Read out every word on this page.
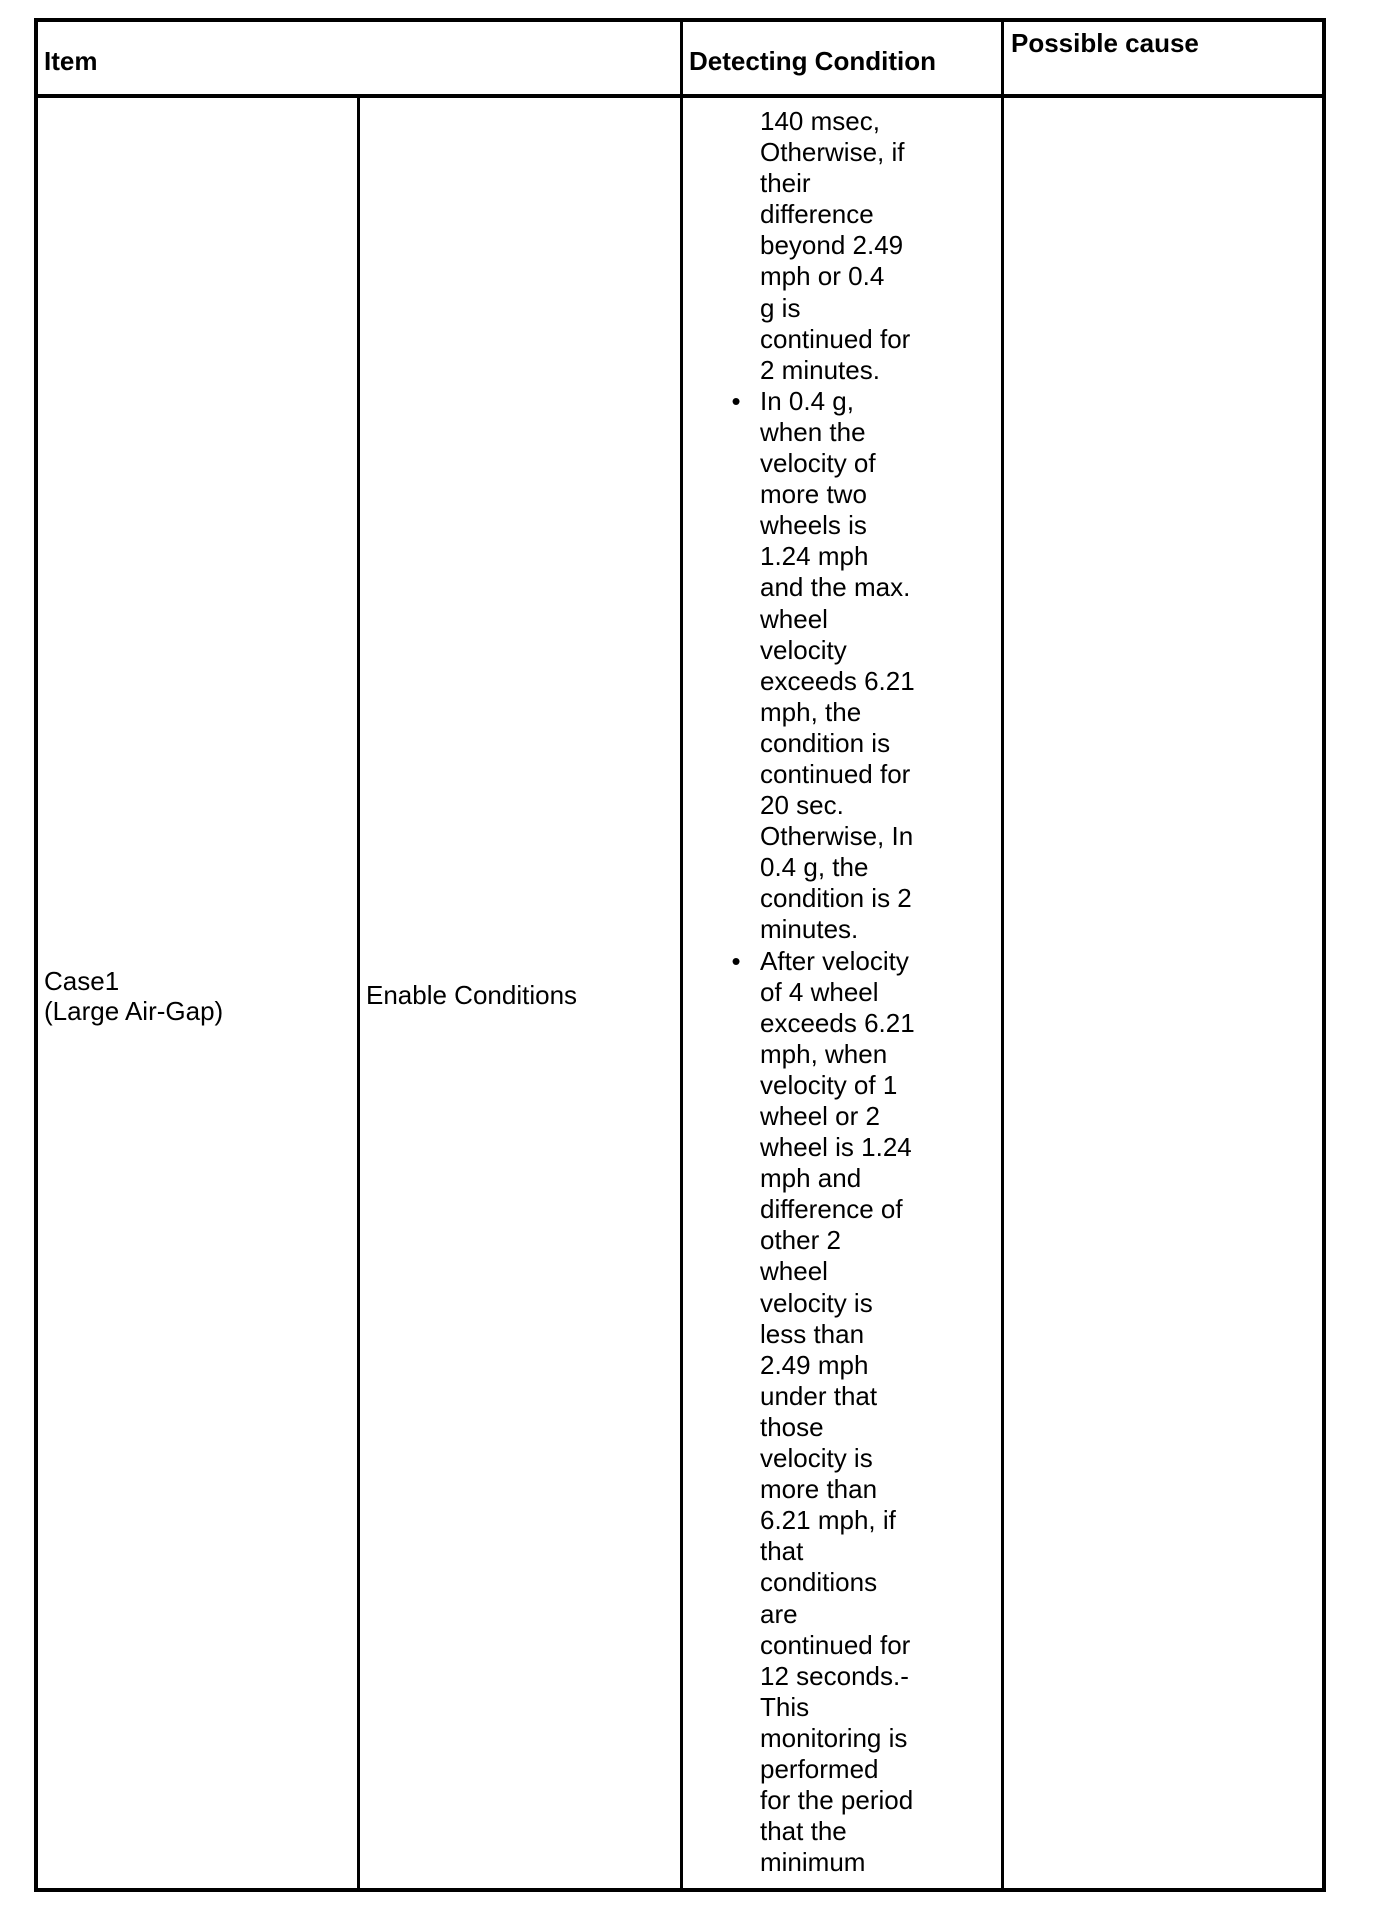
Item	Detecting Condition
Possible cause
Case1
(Large Air-Gap)
Enable Conditions
140 msec,
Otherwise, if
their
difference
beyond 2.49
mph or 0.4
g is
continued for
2 minutes.
• In 0.4 g,
when the
velocity of
more two
wheels is
1.24 mph
and the max.
wheel
velocity
exceeds 6.21
mph, the
condition is
continued for
20 sec.
Otherwise, In
0.4 g, the
condition is 2
minutes.
• After velocity
of 4 wheel
exceeds 6.21
mph, when
velocity of 1
wheel or 2
wheel is 1.24
mph and
difference of
other 2
wheel
velocity is
less than
2.49 mph
under that
those
velocity is
more than
6.21 mph, if
that
conditions
are
continued for
12 seconds.-
This
monitoring is
performed
for the period
that the
minimum
